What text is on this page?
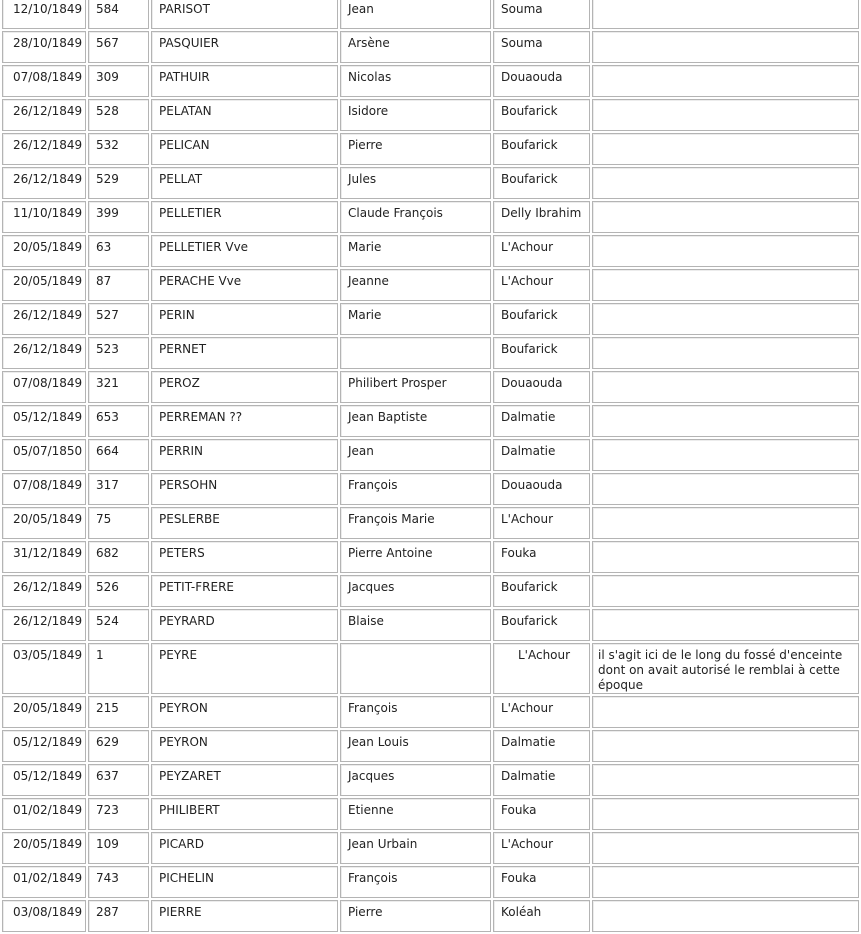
12/10/1849	584	PARISOT	Jean	Souma	
28/10/1849	567	PASQUIER	Arsène	Souma	
07/08/1849	309	PATHUIR	Nicolas	Douaouda	
26/12/1849	528	PELATAN	Isidore	Boufarick	
26/12/1849	532	PELICAN	Pierre	Boufarick	
26/12/1849	529	PELLAT	Jules	Boufarick	
11/10/1849	399	PELLETIER	Claude François	Delly Ibrahim	
20/05/1849	63	PELLETIER Vve	Marie	L'Achour	
20/05/1849	87	PERACHE Vve	Jeanne	L'Achour	
26/12/1849	527	PERIN	Marie	Boufarick	
26/12/1849	523	PERNET		Boufarick	
07/08/1849	321	PEROZ	Philibert Prosper	Douaouda	
05/12/1849	653	PERREMAN ??	Jean Baptiste	Dalmatie	
05/07/1850	664	PERRIN	Jean	Dalmatie	
07/08/1849	317	PERSOHN	François	Douaouda	
20/05/1849	75	PESLERBE	François Marie	L'Achour	
31/12/1849	682	PETERS	Pierre Antoine	Fouka	
26/12/1849	526	PETIT-FRERE	Jacques	Boufarick	
26/12/1849	524	PEYRARD	Blaise	Boufarick	
03/05/1849	1	PEYRE		L'Achour	il s'agit ici de le long du fossé d'enceinte dont on avait autorisé le remblai à cette époque
20/05/1849	215	PEYRON	François	L'Achour	
05/12/1849	629	PEYRON	Jean Louis	Dalmatie	
05/12/1849	637	PEYZARET	Jacques	Dalmatie	
01/02/1849	723	PHILIBERT	Etienne	Fouka	
20/05/1849	109	PICARD	Jean Urbain	L'Achour	
01/02/1849	743	PICHELIN	François	Fouka	
03/08/1849	287	PIERRE	Pierre	Koléah	
